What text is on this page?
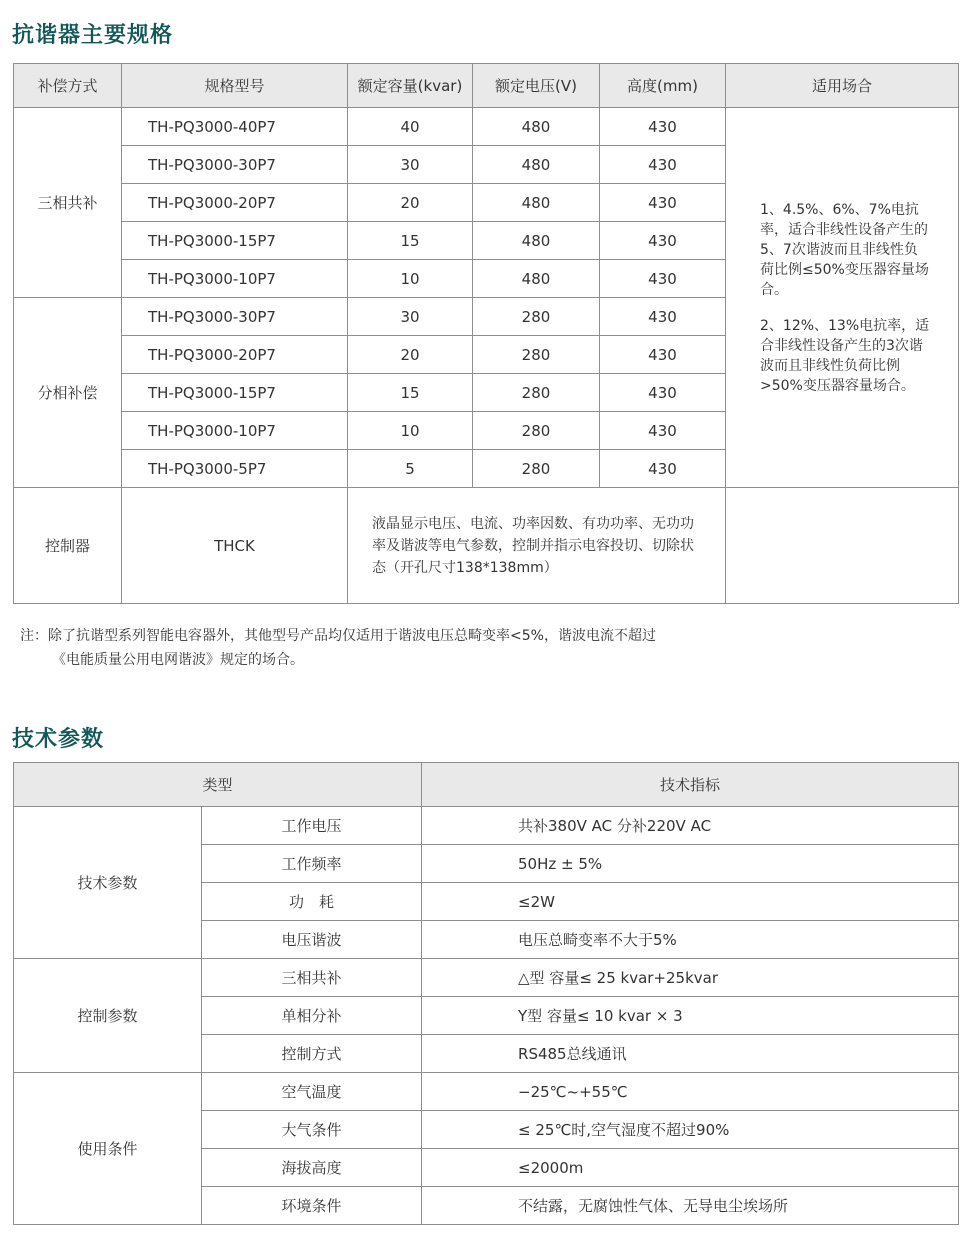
抗谐器主要规格
补偿方式	规格型号	额定容量(kvar)	额定电压(V)	高度(mm)	适用场合
三相共补	TH-PQ3000-40P7	40	480	430	1、4.5%、6%、7%电抗率，适合非线性设备产生的5、7次谐波而且非线性负荷比例≤50%变压器容量场合。

2、12%、13%电抗率，适合非线性设备产生的3次谐波而且非线性负荷比例>50%变压器容量场合。

	TH-PQ3000-30P7	30	480	430	
	TH-PQ3000-20P7	20	480	430	
	TH-PQ3000-15P7	15	480	430	
	TH-PQ3000-10P7	10	480	430	
分相补偿	TH-PQ3000-30P7	30	280	430	
	TH-PQ3000-20P7	20	280	430	
	TH-PQ3000-15P7	15	280	430	
	TH-PQ3000-10P7	10	280	430	
	TH-PQ3000-5P7	5	280	430	
控制器	THCK	液晶显示电压、电流、功率因数、有功功率、无功功率及谐波等电气参数，控制并指示电容投切、切除状态（开孔尺寸138*138mm）			
注：除了抗谐型系列智能电容器外，其他型号产品均仅适用于谐波电压总畸变率<5%，谐波电流不超过
《电能质量公用电网谐波》规定的场合。
技术参数
类型		技术指标
技术参数	工作电压	共补380V AC 分补220V AC
	工作频率	50Hz ± 5%
	功　耗	≤2W
	电压谐波	电压总畸变率不大于5%
控制参数	三相共补	△型 容量≤ 25 kvar+25kvar
	单相分补	Y型 容量≤ 10 kvar × 3
	控制方式	RS485总线通讯
使用条件	空气温度	−25℃~+55℃
	大气条件	≤ 25℃时,空气湿度不超过90%
	海拔高度	≤2000m
	环境条件	不结露，无腐蚀性气体、无导电尘埃场所
